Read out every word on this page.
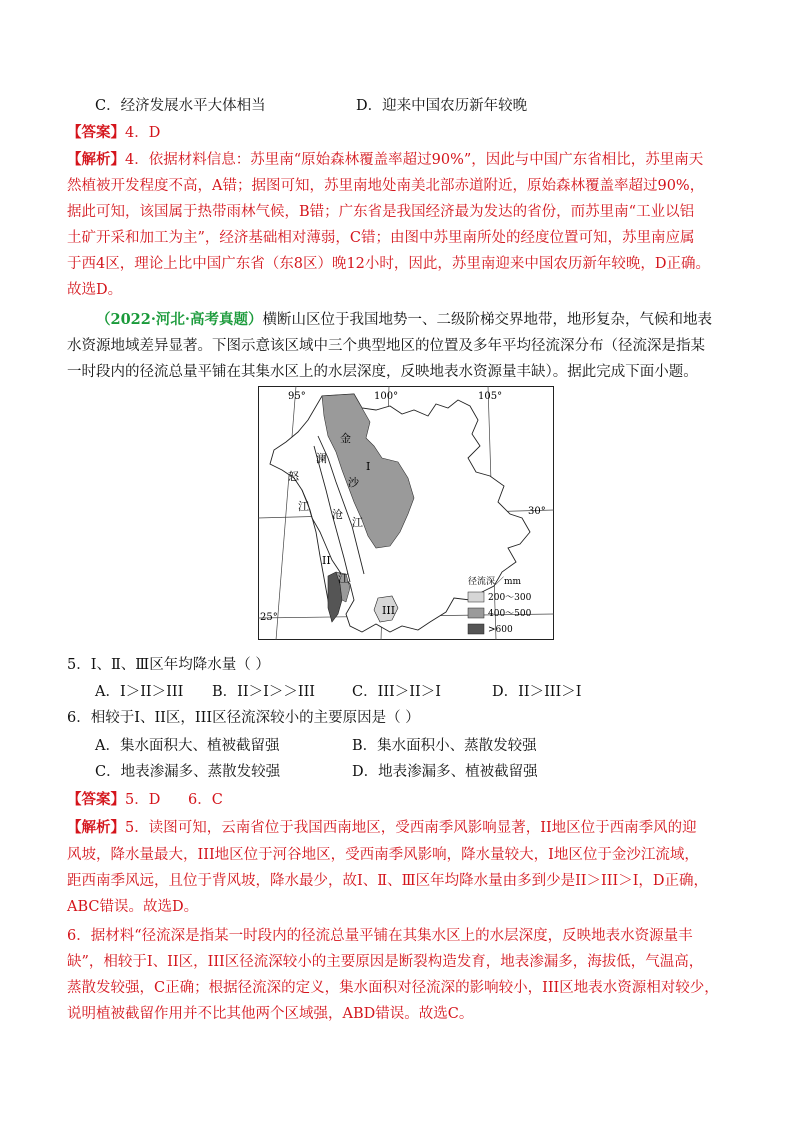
C．经济发展水平大体相当	D．迎来中国农历新年较晚
【答案】4．D
【解析】4．依据材料信息：苏里南“原始森林覆盖率超过90%”，因此与中国广东省相比，苏里南天
然植被开发程度不高，A错；据图可知，苏里南地处南美北部赤道附近，原始森林覆盖率超过90%，
据此可知，该国属于热带雨林气候，B错；广东省是我国经济最为发达的省份，而苏里南“工业以铝
土矿开采和加工为主”，经济基础相对薄弱，C错；由图中苏里南所处的经度位置可知，苏里南应属
于西4区，理论上比中国广东省（东8区）晚12小时，因此，苏里南迎来中国农历新年较晚，D正确。
故选D。
（2022·河北·高考真题）横断山区位于我国地势一、二级阶梯交界地带，地形复杂，气候和地表
水资源地域差异显著。下图示意该区域中三个典型地区的位置及多年平均径流深分布（径流深是指某
一时段内的径流总量平铺在其集水区上的水层深度，反映地表水资源量丰缺）。据此完成下面小题。
95°	100°	105°
30°
25°
金
沙
江
澜
沧
江
怒
江
I
II
III
径流深／mm
200～300
400～500
>600
5．Ⅰ、Ⅱ、Ⅲ区年均降水量（ ）
A．I＞II＞III B．II＞I＞＞III	C．III＞II＞I	D．II＞III＞I
6．相较于I、II区，III区径流深较小的主要原因是（ ）
A．集水面积大、植被截留强	B．集水面积小、蒸散发较强
C．地表渗漏多、蒸散发较强	D．地表渗漏多、植被截留强
【答案】5．D      6．C
【解析】5．读图可知，云南省位于我国西南地区，受西南季风影响显著，II地区位于西南季风的迎
风坡，降水量最大，III地区位于河谷地区，受西南季风影响，降水量较大，I地区位于金沙江流域，
距西南季风远，且位于背风坡，降水最少，故Ⅰ、Ⅱ、Ⅲ区年均降水量由多到少是II＞III＞I，D正确，
ABC错误。故选D。
6．据材料“径流深是指某一时段内的径流总量平铺在其集水区上的水层深度，反映地表水资源量丰
缺”，相较于I、II区，III区径流深较小的主要原因是断裂构造发育，地表渗漏多，海拔低，气温高，
蒸散发较强，C正确；根据径流深的定义，集水面积对径流深的影响较小，III区地表水资源相对较少，
说明植被截留作用并不比其他两个区域强，ABD错误。故选C。
